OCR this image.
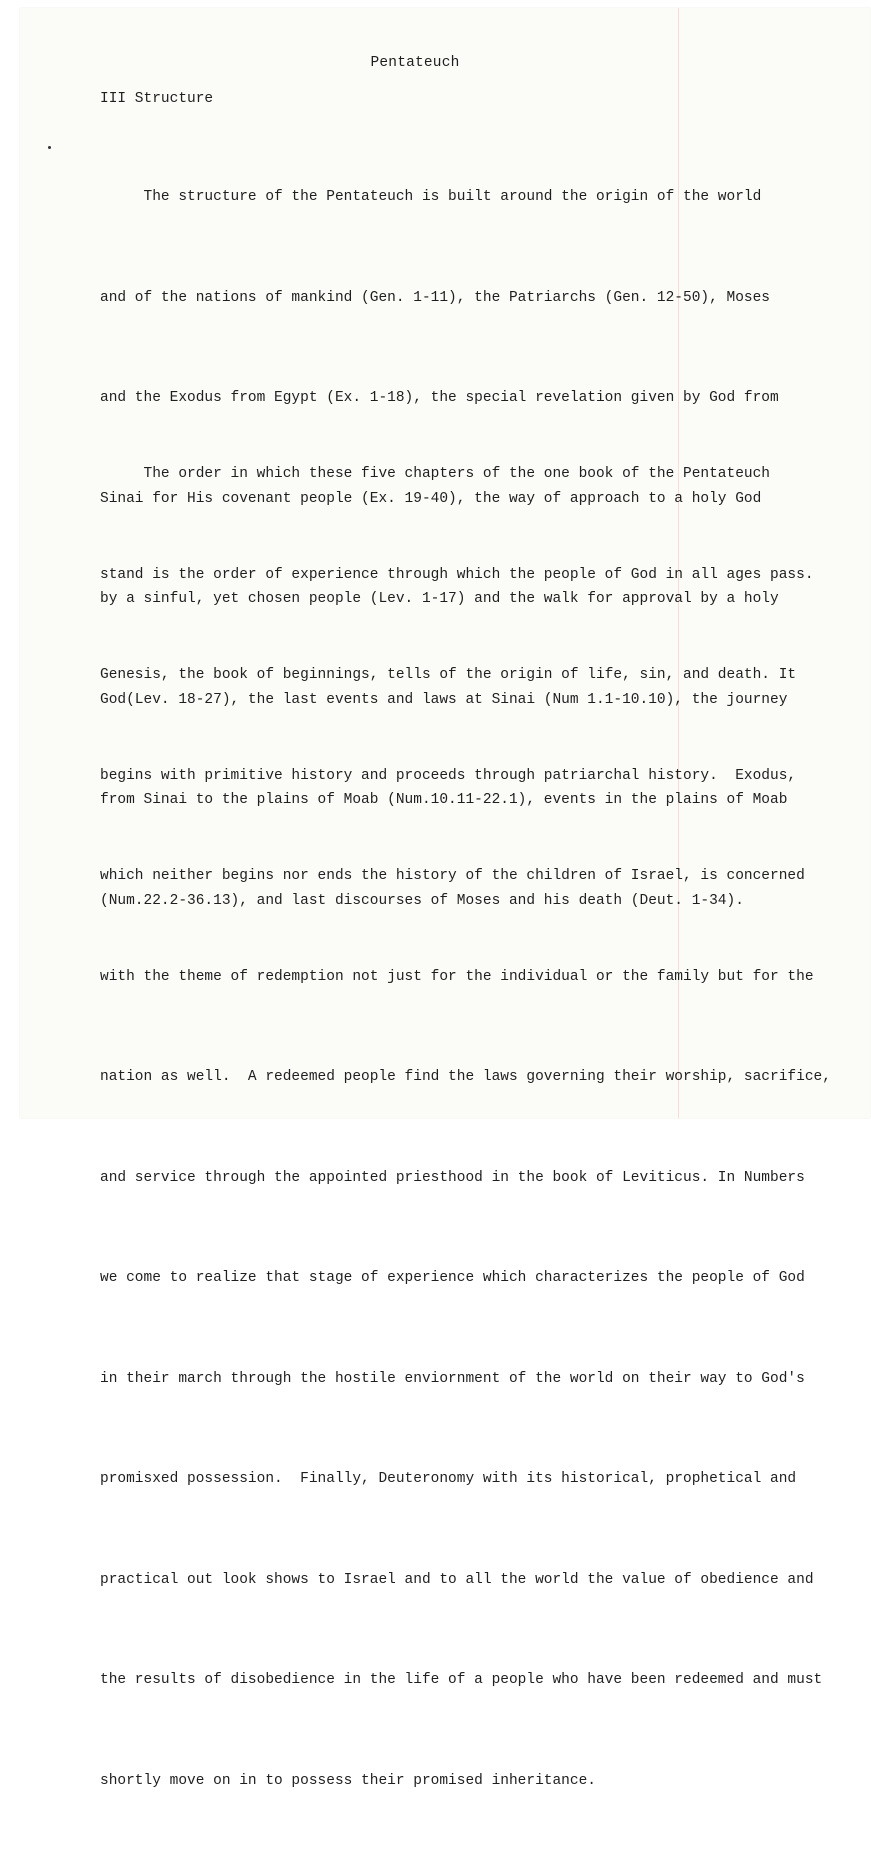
Pentateuch
III Structure

The structure of the Pentateuch is built around the origin of the world

and of the nations of mankind (Gen. 1-11), the Patriarchs (Gen. 12-50), Moses

and the Exodus from Egypt (Ex. 1-18), the special revelation given by God from

Sinai for His covenant people (Ex. 19-40), the way of approach to a holy God

by a sinful, yet chosen people (Lev. 1-17) and the walk for approval by a holy

God(Lev. 18-27), the last events and laws at Sinai (Num 1.1-10.10), the journey

from Sinai to the plains of Moab (Num.10.11-22.1), events in the plains of Moab

(Num.22.2-36.13), and last discourses of Moses and his death (Deut. 1-34).

The order in which these five chapters of the one book of the Pentateuch

stand is the order of experience through which the people of God in all ages pass.

Genesis, the book of beginnings, tells of the origin of life, sin, and death. It

begins with primitive history and proceeds through patriarchal history.  Exodus,

which neither begins nor ends the history of the children of Israel, is concerned

with the theme of redemption not just for the individual or the family but for the

nation as well.  A redeemed people find the laws governing their worship, sacrifice,

and service through the appointed priesthood in the book of Leviticus. In Numbers

we come to realize that stage of experience which characterizes the people of God

in their march through the hostile enviornment of the world on their way to God's

promisxed possession.  Finally, Deuteronomy with its historical, prophetical and

practical out look shows to Israel and to all the world the value of obedience and

the results of disobedience in the life of a people who have been redeemed and must

shortly move on in to possess their promised inheritance.
